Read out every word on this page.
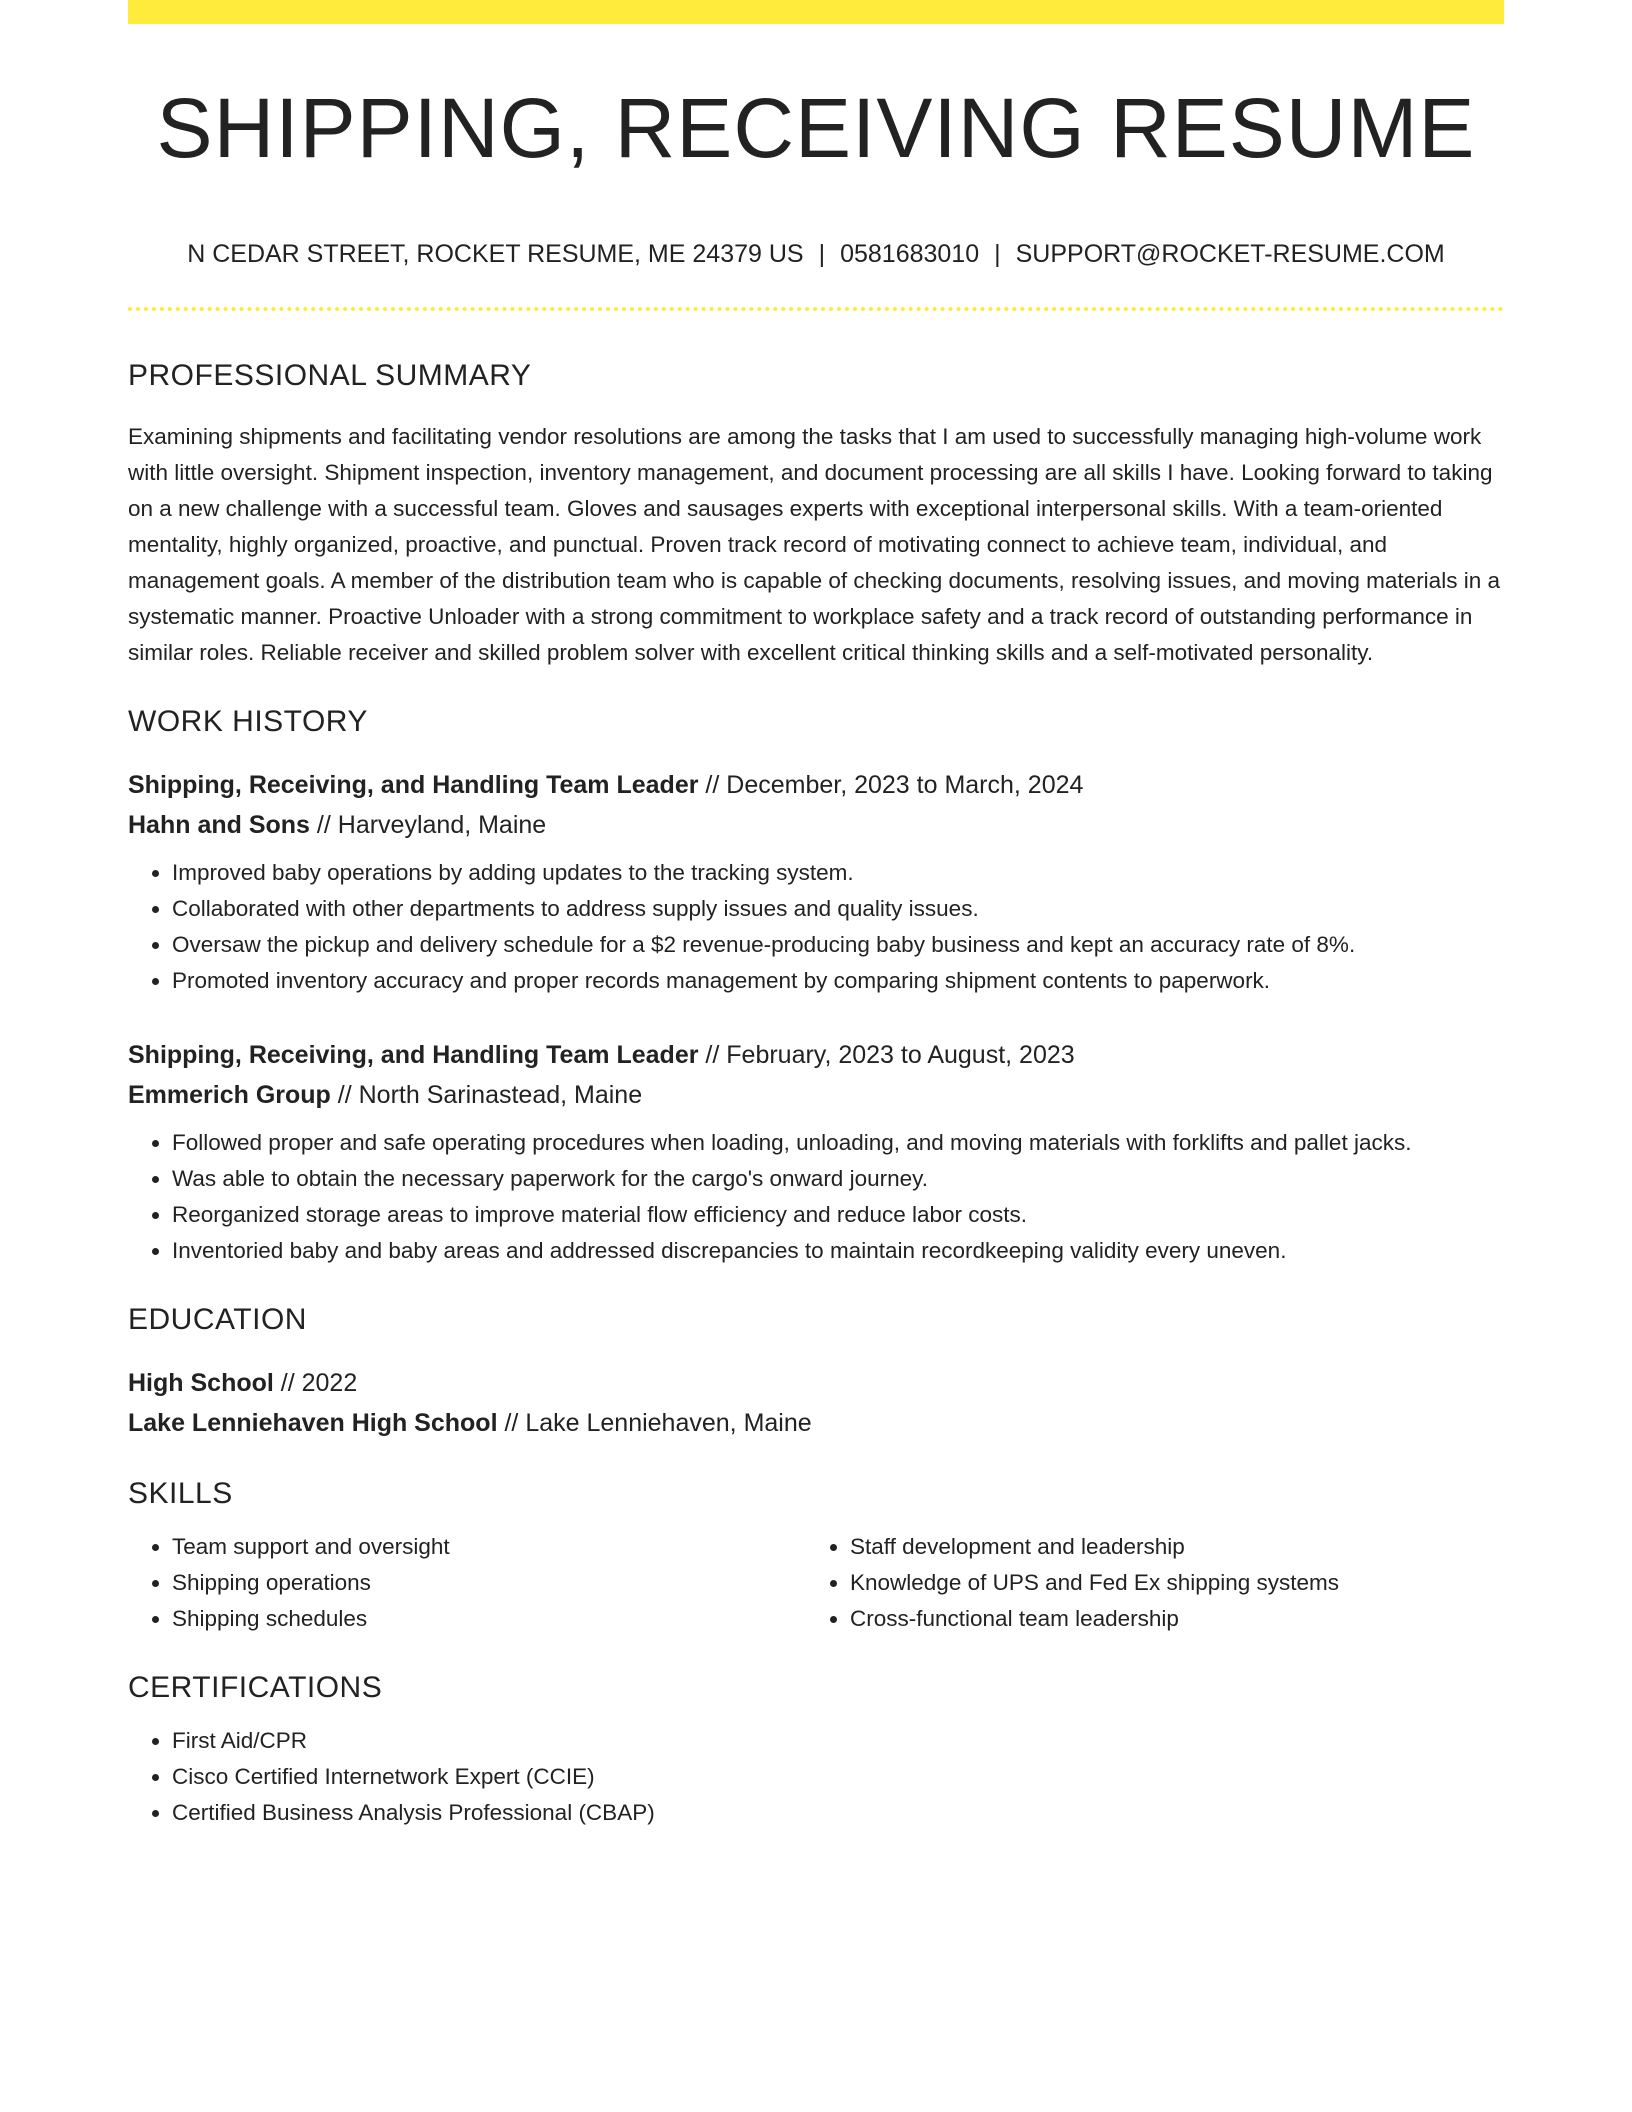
SHIPPING, RECEIVING RESUME
N CEDAR STREET, ROCKET RESUME, ME 24379 US | 0581683010 | SUPPORT@ROCKET-RESUME.COM
PROFESSIONAL SUMMARY

Examining shipments and facilitating vendor resolutions are among the tasks that I am used to successfully managing high-volume work with little oversight. Shipment inspection, inventory management, and document processing are all skills I have. Looking forward to taking on a new challenge with a successful team. Gloves and sausages experts with exceptional interpersonal skills. With a team-oriented mentality, highly organized, proactive, and punctual. Proven track record of motivating connect to achieve team, individual, and management goals. A member of the distribution team who is capable of checking documents, resolving issues, and moving materials in a systematic manner. Proactive Unloader with a strong commitment to workplace safety and a track record of outstanding performance in similar roles. Reliable receiver and skilled problem solver with excellent critical thinking skills and a self-motivated personality.

WORK HISTORY
Shipping, Receiving, and Handling Team Leader // December, 2023 to March, 2024
Hahn and Sons // Harveyland, Maine
• Improved baby operations by adding updates to the tracking system.
• Collaborated with other departments to address supply issues and quality issues.
• Oversaw the pickup and delivery schedule for a $2 revenue-producing baby business and kept an accuracy rate of 8%.
• Promoted inventory accuracy and proper records management by comparing shipment contents to paperwork.
Shipping, Receiving, and Handling Team Leader // February, 2023 to August, 2023
Emmerich Group // North Sarinastead, Maine
• Followed proper and safe operating procedures when loading, unloading, and moving materials with forklifts and pallet jacks.
• Was able to obtain the necessary paperwork for the cargo's onward journey.
• Reorganized storage areas to improve material flow efficiency and reduce labor costs.
• Inventoried baby and baby areas and addressed discrepancies to maintain recordkeeping validity every uneven.
EDUCATION
High School // 2022
Lake Lenniehaven High School // Lake Lenniehaven, Maine
SKILLS
• Team support and oversight
• Shipping operations
• Shipping schedules
• Staff development and leadership
• Knowledge of UPS and Fed Ex shipping systems
• Cross-functional team leadership
CERTIFICATIONS
• First Aid/CPR
• Cisco Certified Internetwork Expert (CCIE)
• Certified Business Analysis Professional (CBAP)
